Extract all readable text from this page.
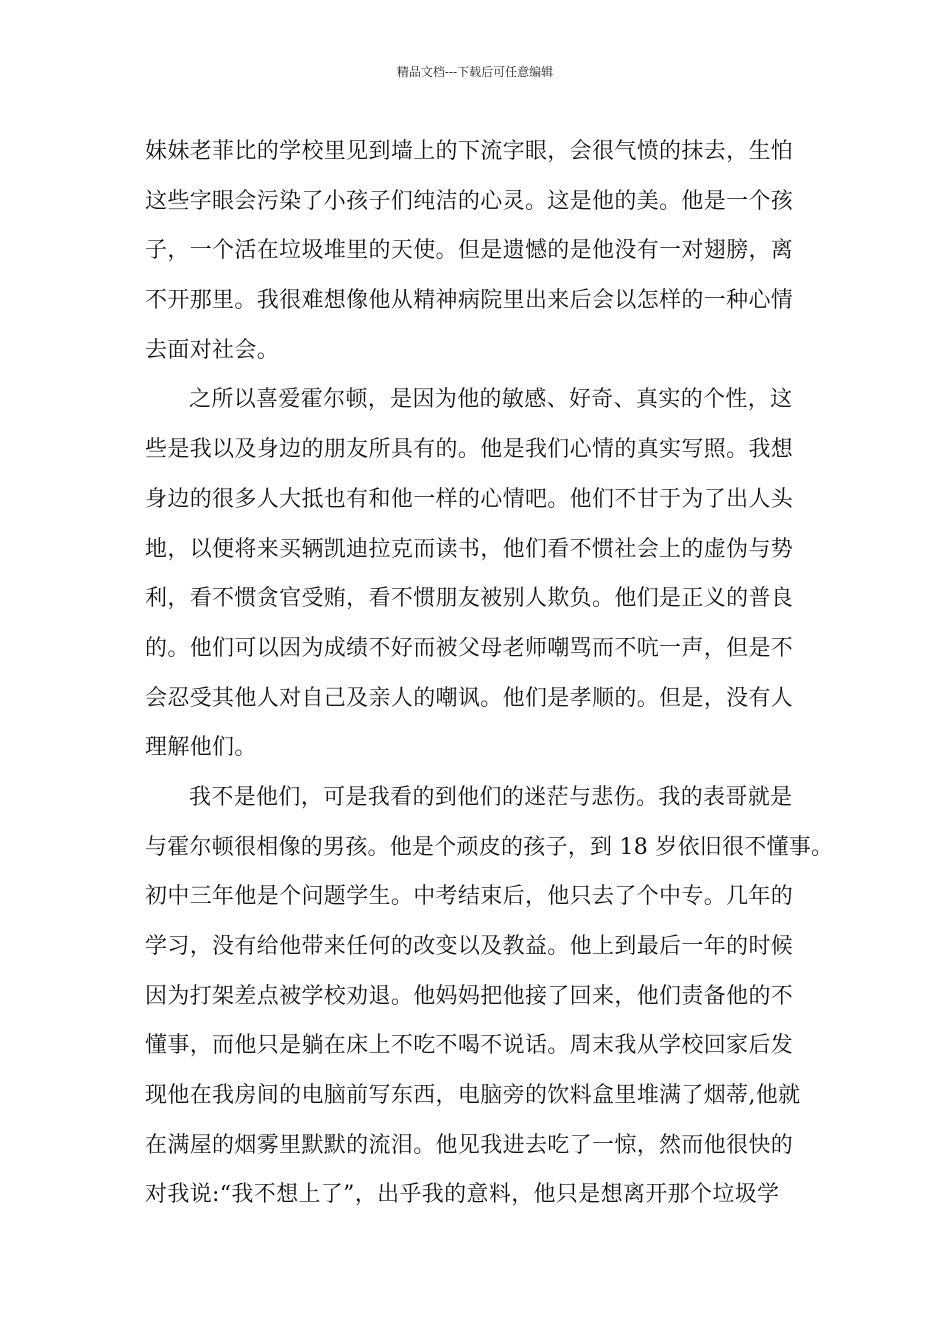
精品文档---下载后可任意编辑
妹妹老菲比的学校里见到墙上的下流字眼，会很气愤的抹去，生怕
这些字眼会污染了小孩子们纯洁的心灵。这是他的美。他是一个孩
子，一个活在垃圾堆里的天使。但是遗憾的是他没有一对翅膀，离
不开那里。我很难想像他从精神病院里出来后会以怎样的一种心情
去面对社会。
之所以喜爱霍尔顿，是因为他的敏感、好奇、真实的个性，这
些是我以及身边的朋友所具有的。他是我们心情的真实写照。我想
身边的很多人大抵也有和他一样的心情吧。他们不甘于为了出人头
地，以便将来买辆凯迪拉克而读书，他们看不惯社会上的虚伪与势
利，看不惯贪官受贿，看不惯朋友被别人欺负。他们是正义的普良
的。他们可以因为成绩不好而被父母老师嘲骂而不吭一声，但是不
会忍受其他人对自己及亲人的嘲讽。他们是孝顺的。但是，没有人
理解他们。
我不是他们，可是我看的到他们的迷茫与悲伤。我的表哥就是
与霍尔顿很相像的男孩。他是个顽皮的孩子，到 18 岁依旧很不懂事。
初中三年他是个问题学生。中考结束后，他只去了个中专。几年的
学习，没有给他带来任何的改变以及教益。他上到最后一年的时候
因为打架差点被学校劝退。他妈妈把他接了回来，他们责备他的不
懂事，而他只是躺在床上不吃不喝不说话。周末我从学校回家后发
现他在我房间的电脑前写东西，电脑旁的饮料盒里堆满了烟蒂,他就
在满屋的烟雾里默默的流泪。他见我进去吃了一惊，然而他很快的
对我说:“我不想上了”，出乎我的意料，他只是想离开那个垃圾学
